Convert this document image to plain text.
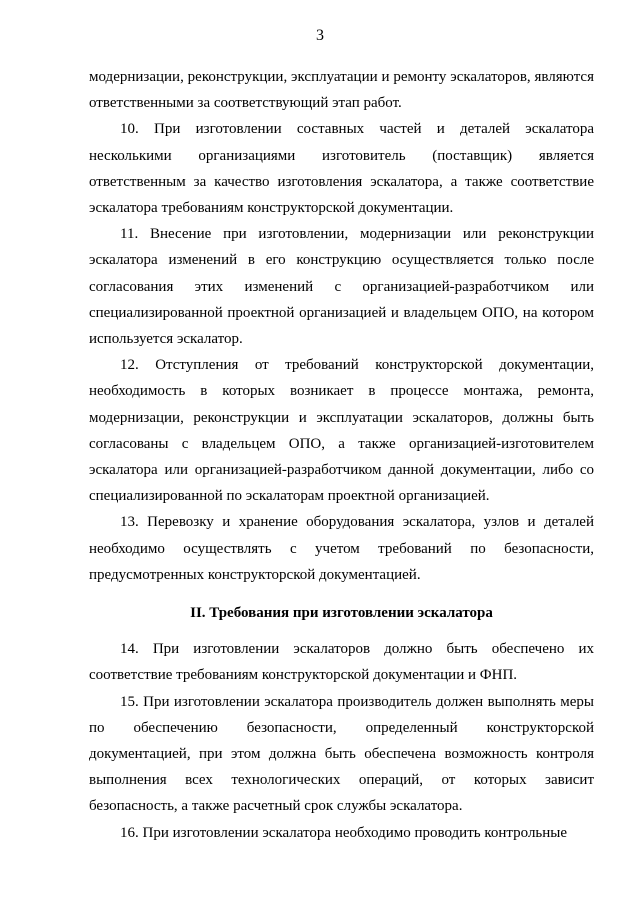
3

модернизации, реконструкции, эксплуатации и ремонту эскалаторов, являются ответственными за соответствующий этап работ.

10. При изготовлении составных частей и деталей эскалатора несколькими организациями изготовитель (поставщик) является ответственным за качество изготовления эскалатора, а также соответствие эскалатора требованиям конструкторской документации.

11. Внесение при изготовлении, модернизации или реконструкции эскалатора изменений в его конструкцию осуществляется только после согласования этих изменений с организацией-разработчиком или специализированной проектной организацией и владельцем ОПО, на котором используется эскалатор.

12. Отступления от требований конструкторской документации, необходимость в которых возникает в процессе монтажа, ремонта, модернизации, реконструкции и эксплуатации эскалаторов, должны быть согласованы с владельцем ОПО, а также организацией-изготовителем эскалатора или организацией-разработчиком данной документации, либо со специализированной по эскалаторам проектной организацией.

13. Перевозку и хранение оборудования эскалатора, узлов и деталей необходимо осуществлять с учетом требований по безопасности, предусмотренных конструкторской документацией.

II. Требования при изготовлении эскалатора

14. При изготовлении эскалаторов должно быть обеспечено их соответствие требованиям конструкторской документации и ФНП.

15. При изготовлении эскалатора производитель должен выполнять меры по обеспечению безопасности, определенный конструкторской документацией, при этом должна быть обеспечена возможность контроля выполнения всех технологических операций, от которых зависит безопасность, а также расчетный срок службы эскалатора.

16. При изготовлении эскалатора необходимо проводить контрольные
